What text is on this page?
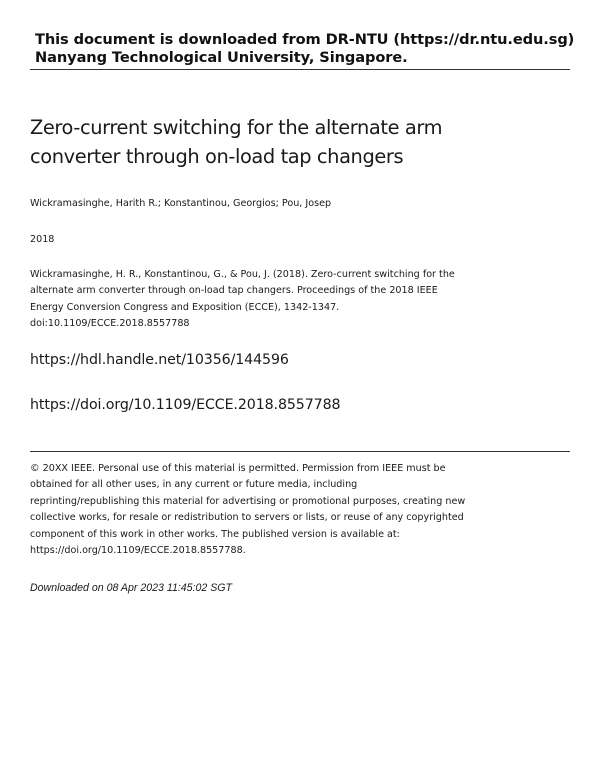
This document is downloaded from DR-NTU (https://dr.ntu.edu.sg)
Nanyang Technological University, Singapore.
Zero-current switching for the alternate arm
converter through on-load tap changers
Wickramasinghe, Harith R.; Konstantinou, Georgios; Pou, Josep
2018
Wickramasinghe, H. R., Konstantinou, G., & Pou, J. (2018). Zero-current switching for the
alternate arm converter through on-load tap changers. Proceedings of the 2018 IEEE
Energy Conversion Congress and Exposition (ECCE), 1342-1347.
doi:10.1109/ECCE.2018.8557788
https://hdl.handle.net/10356/144596
https://doi.org/10.1109/ECCE.2018.8557788
© 20XX IEEE. Personal use of this material is permitted. Permission from IEEE must be
obtained for all other uses, in any current or future media, including
reprinting/republishing this material for advertising or promotional purposes, creating new
collective works, for resale or redistribution to servers or lists, or reuse of any copyrighted
component of this work in other works. The published version is available at:
https://doi.org/10.1109/ECCE.2018.8557788.
Downloaded on 08 Apr 2023 11:45:02 SGT
